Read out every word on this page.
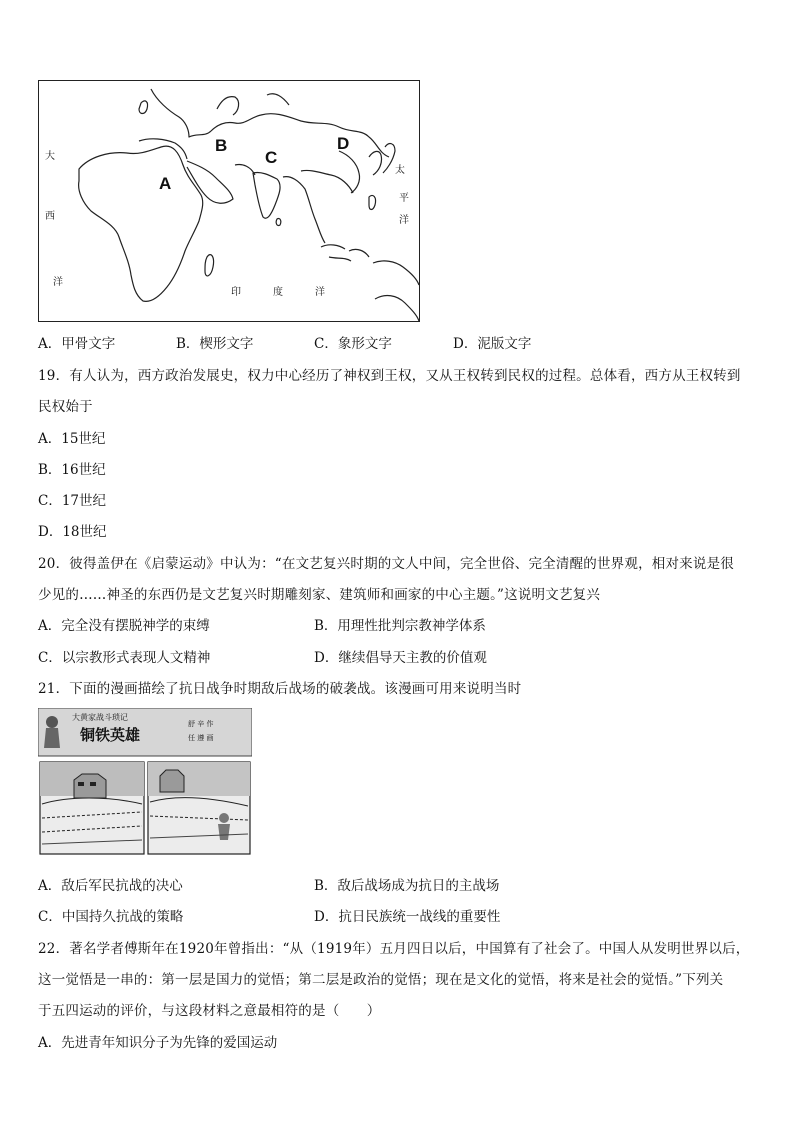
A
B
C
D
大
西
洋
太
平
洋
印	度	洋
A．甲骨文字	B．楔形文字	C．象形文字	D．泥版文字
19．有人认为，西方政治发展史，权力中心经历了神权到王权，又从王权转到民权的过程。总体看，西方从王权转到
民权始于
A．15世纪
B．16世纪
C．17世纪
D．18世纪
20．彼得盖伊在《启蒙运动》中认为：“在文艺复兴时期的文人中间，完全世俗、完全清醒的世界观，相对来说是很
少见的……神圣的东西仍是文艺复兴时期雕刻家、建筑师和画家的中心主题。”这说明文艺复兴
A．完全没有摆脱神学的束缚	B．用理性批判宗教神学体系
C．以宗教形式表现人文精神	D．继续倡导天主教的价值观
21．下面的漫画描绘了抗日战争时期敌后战场的破袭战。该漫画可用来说明当时
大黄家战斗琐记
铜铁英雄
舒 辛 作
任 遵 画
A．敌后军民抗战的决心	B．敌后战场成为抗日的主战场
C．中国持久抗战的策略	D．抗日民族统一战线的重要性
22．著名学者傅斯年在1920年曾指出：“从（1919年）五月四日以后，中国算有了社会了。中国人从发明世界以后，
这一觉悟是一串的：第一层是国力的觉悟；第二层是政治的觉悟；现在是文化的觉悟，将来是社会的觉悟。”下列关
于五四运动的评价，与这段材料之意最相符的是（　　）
A．先进青年知识分子为先锋的爱国运动
